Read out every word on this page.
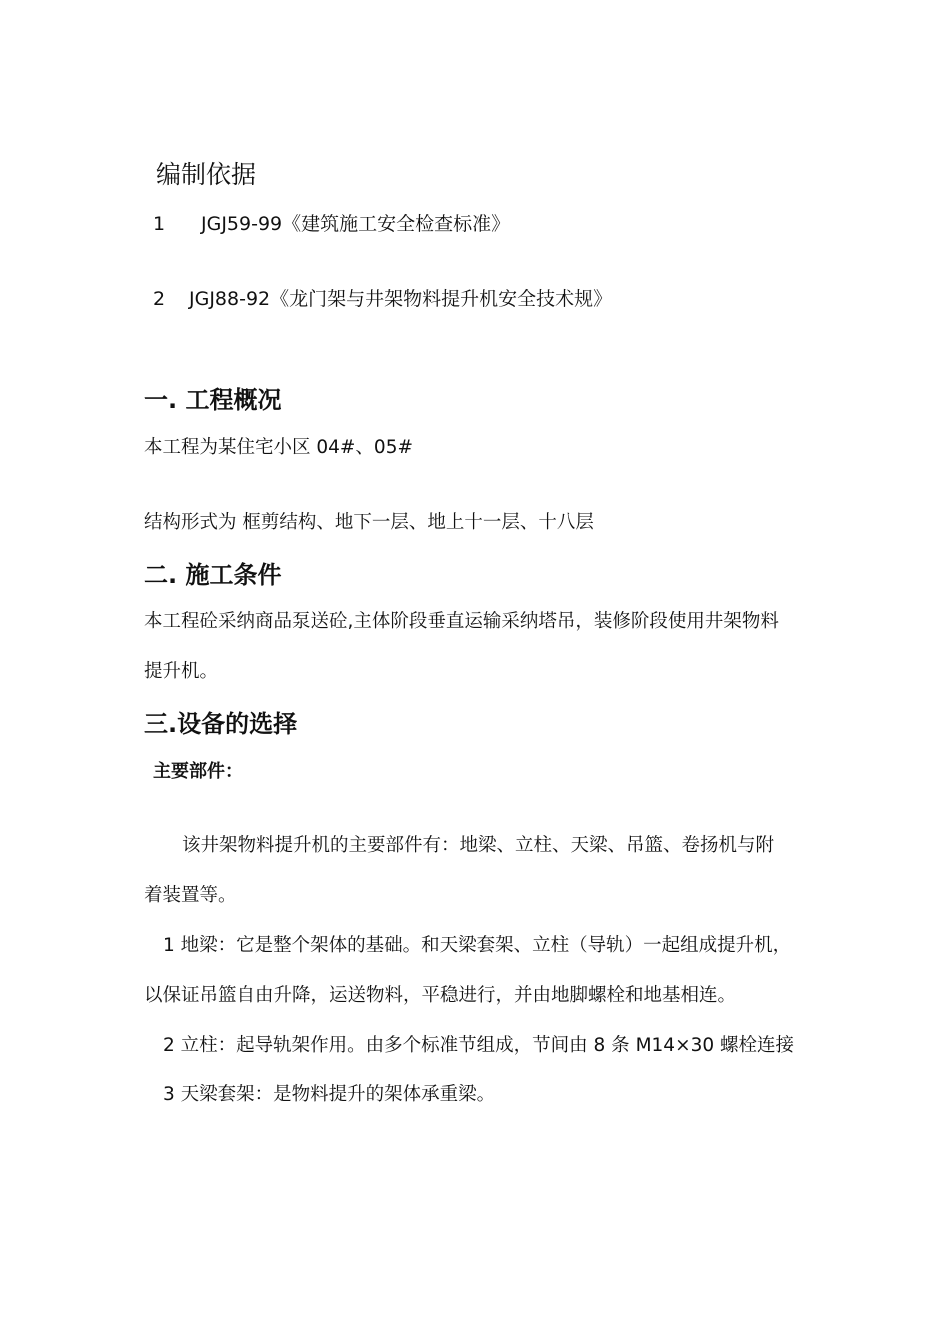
编制依据
1 JGJ59-99《建筑施工安全检查标准》
2 JGJ88-92《龙门架与井架物料提升机安全技术规》
一. 工程概况
本工程为某住宅小区 04#、05#
结构形式为 框剪结构、地下一层、地上十一层、十八层
二. 施工条件
本工程砼采纳商品泵送砼,主体阶段垂直运输采纳塔吊，装修阶段使用井架物料
提升机。
三.设备的选择
主要部件：
该井架物料提升机的主要部件有：地梁、立柱、天梁、吊篮、卷扬机与附
着装置等。
1 地梁：它是整个架体的基础。和天梁套架、立柱（导轨）一起组成提升机，
以保证吊篮自由升降，运送物料，平稳进行，并由地脚螺栓和地基相连。
2 立柱：起导轨架作用。由多个标准节组成，节间由 8 条 M14×30 螺栓连接
3 天梁套架：是物料提升的架体承重梁。
